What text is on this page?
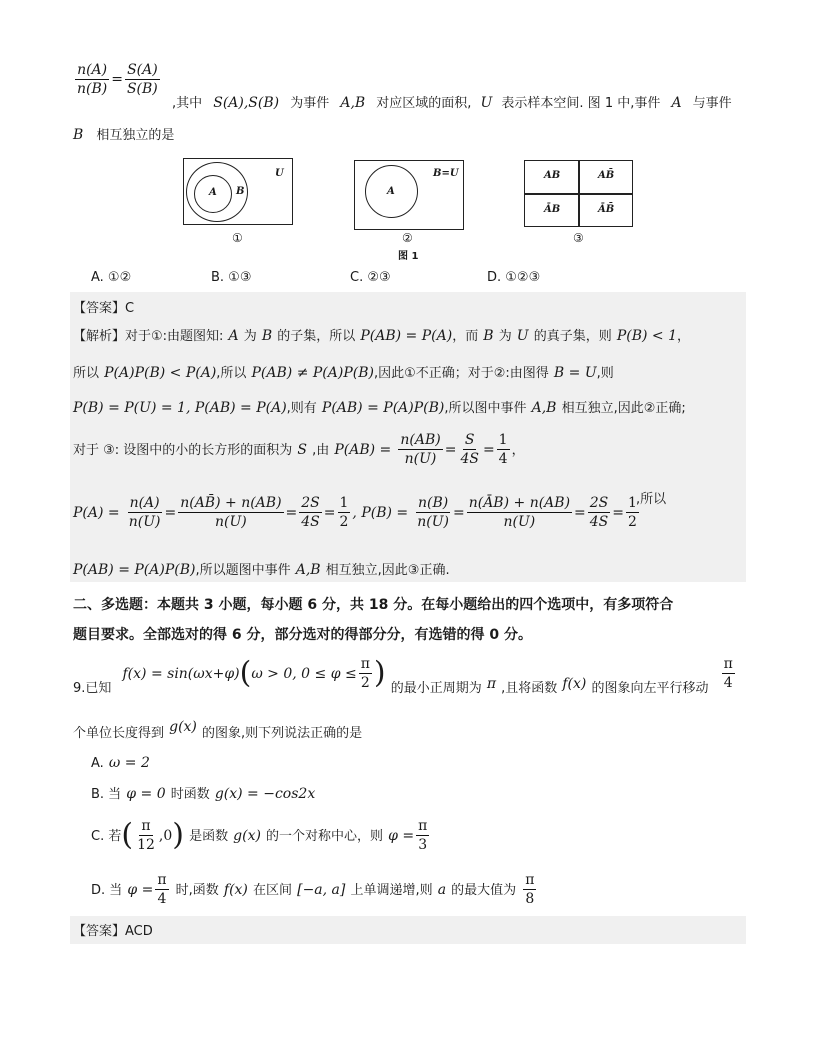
$\frac{n(A)}{n(B)} = \frac{S(A)}{S(B)}$
,其中 S(A),S(B) 为事件 A,B 对应区域的面积, U 表示样本空间. 图 1 中,事件 A 与事件
B 相互独立的是
A B
U
①
A
B=U
②
AB	AB̄
ĀB	ĀB̄
③
图 1
A. ①②	B. ①③	C. ②③	D. ①②③
【答案】C
【解析】对于①:由题图知: A 为 B 的子集，所以 P(AB) = P(A)，而 B 为 U 的真子集，则 P(B) < 1，
所以 P(A)P(B) < P(A),所以 P(AB) ≠ P(A)P(B),因此①不正确；对于②:由图得 B = U,则
P(B) = P(U) = 1, P(AB) = P(A),则有 P(AB) = P(A)P(B),所以图中事件 A,B 相互独立,因此②正确;
对于 ③: 设图中的小的长方形的面积为 S ,由 $P(AB) = \frac{n(AB)}{n(U)} = \frac{S}{4S} = \frac{1}{4}$ ，
$P(A) = \frac{n(A)}{n(U)} = \frac{n(AB̄) + n(AB)}{n(U)} = \frac{2S}{4S} = \frac{1}{2}$ , $P(B) = \frac{n(B)}{n(U)} = \frac{n(ĀB) + n(AB)}{n(U)} = \frac{2S}{4S} = \frac{1}{2}$
,所以
P(AB) = P(A)P(B),所以题图中事件 A,B 相互独立,因此③正确.
二、多选题：本题共 3 小题，每小题 6 分，共 18 分。在每小题给出的四个选项中，有多项符合
题目要求。全部选对的得 6 分，部分选对的得部分分，有选错的得 0 分。
$_{9.已知}$ f(x) = sin(ωx+φ)(ω > 0, $0 \le \varphi \le \frac{\pi}{2}$ ) $_{的最小正周期为}$ π $_{,且将函数}$ f(x) $_{的图象向左平行移动} \frac{\pi}{4}$
个单位长度得到 g(x) 的图象,则下列说法正确的是
A. ω = 2
B. 当 φ = 0 时函数 g(x) = −cos2x
C. 若( $\frac{\pi}{12} ,0$) 是函数 g(x) 的一个对称中心，则 $\varphi = \frac{\pi}{3}$
D. 当 $\varphi = \frac{\pi}{4}$ 时,函数 f(x) 在区间 [−a, a] 上单调递增,则 a 的最大值为 $\frac{\pi}{8}$
【答案】ACD
